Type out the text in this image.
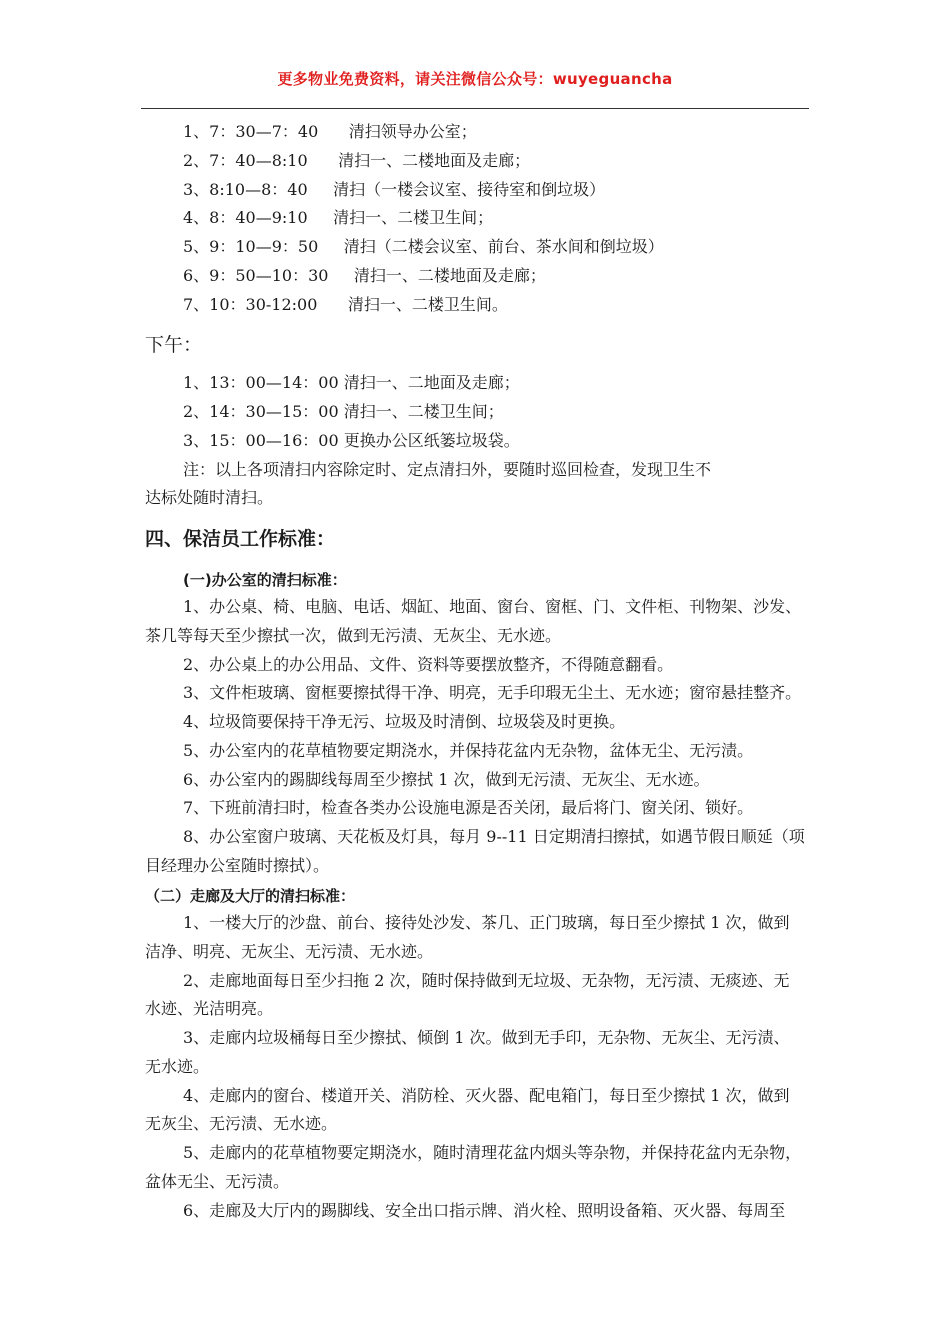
更多物业免费资料，请关注微信公众号：wuyeguancha
1、7：30—7：40      清扫领导办公室；
2、7：40—8:10      清扫一、二楼地面及走廊；
3、8:10—8：40     清扫（一楼会议室、接待室和倒垃圾）
4、8：40—9:10     清扫一、二楼卫生间；
5、9：10—9：50     清扫（二楼会议室、前台、茶水间和倒垃圾）
6、9：50—10：30     清扫一、二楼地面及走廊；
7、10：30-12:00      清扫一、二楼卫生间。
下午：
1、13：00—14：00 清扫一、二地面及走廊；
2、14：30—15：00 清扫一、二楼卫生间；
3、15：00—16：00 更换办公区纸篓垃圾袋。
注：以上各项清扫内容除定时、定点清扫外，要随时巡回检查，发现卫生不
达标处随时清扫。
四、保洁员工作标准：
(一)办公室的清扫标准：
1、办公桌、椅、电脑、电话、烟缸、地面、窗台、窗框、门、文件柜、刊物架、沙发、
茶几等每天至少擦拭一次，做到无污渍、无灰尘、无水迹。
2、办公桌上的办公用品、文件、资料等要摆放整齐，不得随意翻看。
3、文件柜玻璃、窗框要擦拭得干净、明亮，无手印瑕无尘土、无水迹；窗帘悬挂整齐。
4、垃圾筒要保持干净无污、垃圾及时清倒、垃圾袋及时更换。
5、办公室内的花草植物要定期浇水，并保持花盆内无杂物，盆体无尘、无污渍。
6、办公室内的踢脚线每周至少擦拭 1 次，做到无污渍、无灰尘、无水迹。
7、下班前清扫时，检查各类办公设施电源是否关闭，最后将门、窗关闭、锁好。
8、办公室窗户玻璃、天花板及灯具，每月 9--11 日定期清扫擦拭，如遇节假日顺延（项
目经理办公室随时擦拭）。
（二）走廊及大厅的清扫标准：
1、一楼大厅的沙盘、前台、接待处沙发、茶几、正门玻璃，每日至少擦拭 1 次，做到
洁净、明亮、无灰尘、无污渍、无水迹。
2、走廊地面每日至少扫拖 2 次，随时保持做到无垃圾、无杂物，无污渍、无痰迹、无
水迹、光洁明亮。
3、走廊内垃圾桶每日至少擦拭、倾倒 1 次。做到无手印，无杂物、无灰尘、无污渍、
无水迹。
4、走廊内的窗台、楼道开关、消防栓、灭火器、配电箱门，每日至少擦拭 1 次，做到
无灰尘、无污渍、无水迹。
5、走廊内的花草植物要定期浇水，随时清理花盆内烟头等杂物，并保持花盆内无杂物，
盆体无尘、无污渍。
6、走廊及大厅内的踢脚线、安全出口指示牌、消火栓、照明设备箱、灭火器、每周至
